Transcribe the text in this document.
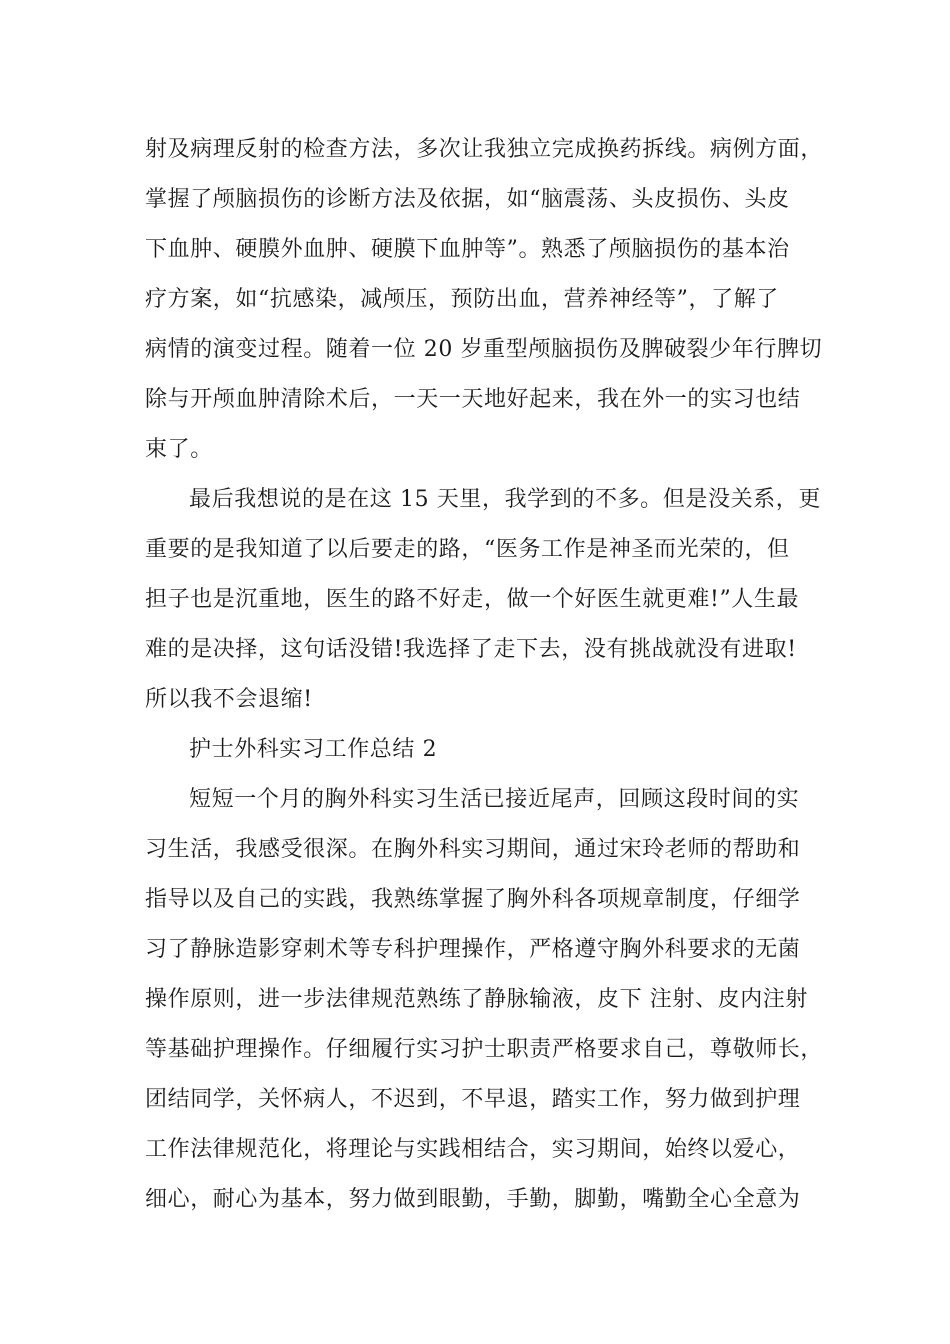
射及病理反射的检查方法，多次让我独立完成换药拆线。病例方面，
掌握了颅脑损伤的诊断方法及依据，如“脑震荡、头皮损伤、头皮
下血肿、硬膜外血肿、硬膜下血肿等”。熟悉了颅脑损伤的基本治
疗方案，如“抗感染，减颅压，预防出血，营养神经等”，了解了
病情的演变过程。随着一位 20 岁重型颅脑损伤及脾破裂少年行脾切
除与开颅血肿清除术后，一天一天地好起来，我在外一的实习也结
束了。
最后我想说的是在这 15 天里，我学到的不多。但是没关系，更
重要的是我知道了以后要走的路，“医务工作是神圣而光荣的，但
担子也是沉重地，医生的路不好走，做一个好医生就更难!”人生最
难的是决择，这句话没错!我选择了走下去，没有挑战就没有进取!
所以我不会退缩!
护士外科实习工作总结 2
短短一个月的胸外科实习生活已接近尾声，回顾这段时间的实
习生活，我感受很深。在胸外科实习期间，通过宋玲老师的帮助和
指导以及自己的实践，我熟练掌握了胸外科各项规章制度，仔细学
习了静脉造影穿刺术等专科护理操作，严格遵守胸外科要求的无菌
操作原则，进一步法律规范熟练了静脉输液，皮下 注射、皮内注射
等基础护理操作。仔细履行实习护士职责严格要求自己，尊敬师长，
团结同学，关怀病人，不迟到，不早退，踏实工作，努力做到护理
工作法律规范化，将理论与实践相结合，实习期间，始终以爱心，
细心，耐心为基本，努力做到眼勤，手勤，脚勤，嘴勤全心全意为
